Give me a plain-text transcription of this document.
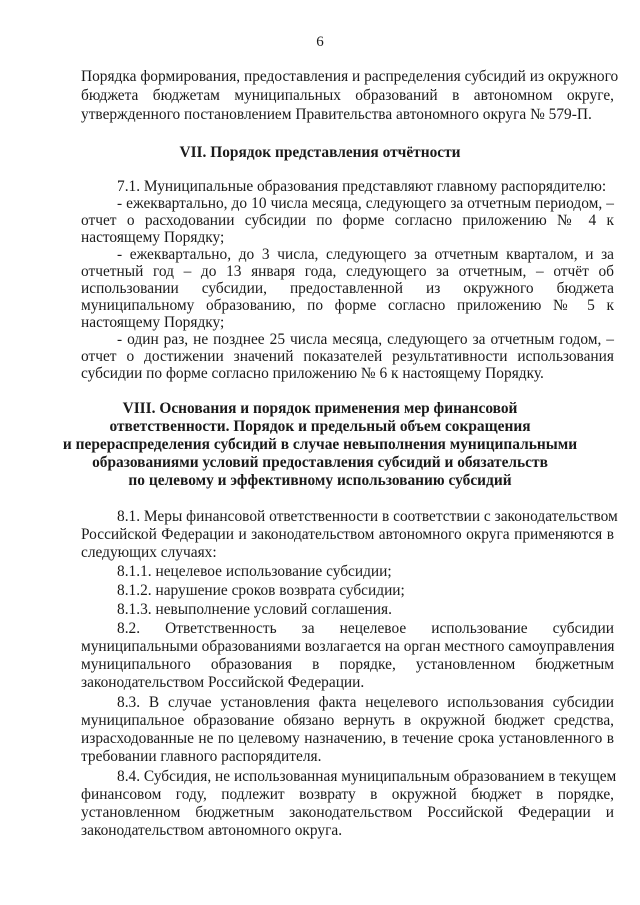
6
Порядка формирования, предоставления и распределения субсидий из окружного
бюджета бюджетам муниципальных образований в автономном округе,
утвержденного постановлением Правительства автономного округа № 579-П.
VII. Порядок представления отчётности
7.1. Муниципальные образования представляют главному распорядителю:
- ежеквартально, до 10 числа месяца, следующего за отчетным периодом, –
отчет о расходовании субсидии по форме согласно приложению № 4 к
настоящему Порядку;
- ежеквартально, до 3 числа, следующего за отчетным кварталом, и за
отчетный год – до 13 января года, следующего за отчетным, – отчёт об
использовании субсидии, предоставленной из окружного бюджета
муниципальному образованию, по форме согласно приложению № 5 к
настоящему Порядку;
- один раз, не позднее 25 числа месяца, следующего за отчетным годом, –
отчет о достижении значений показателей результативности использования
субсидии по форме согласно приложению № 6 к настоящему Порядку.
VIII. Основания и порядок применения мер финансовой
ответственности. Порядок и предельный объем сокращения
и перераспределения субсидий в случае невыполнения муниципальными
образованиями условий предоставления субсидий и обязательств
по целевому и эффективному использованию субсидий
8.1. Меры финансовой ответственности в соответствии с законодательством
Российской Федерации и законодательством автономного округа применяются в
следующих случаях:
8.1.1. нецелевое использование субсидии;
8.1.2. нарушение сроков возврата субсидии;
8.1.3. невыполнение условий соглашения.
8.2. Ответственность за нецелевое использование субсидии
муниципальными образованиями возлагается на орган местного самоуправления
муниципального образования в порядке, установленном бюджетным
законодательством Российской Федерации.
8.3. В случае установления факта нецелевого использования субсидии
муниципальное образование обязано вернуть в окружной бюджет средства,
израсходованные не по целевому назначению, в течение срока установленного в
требовании главного распорядителя.
8.4. Субсидия, не использованная муниципальным образованием в текущем
финансовом году, подлежит возврату в окружной бюджет в порядке,
установленном бюджетным законодательством Российской Федерации и
законодательством автономного округа.
